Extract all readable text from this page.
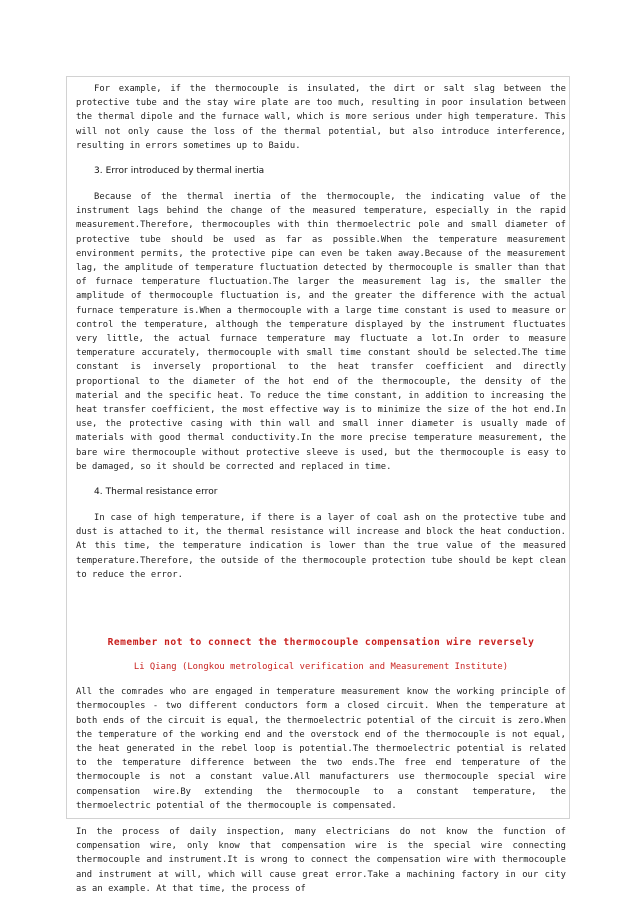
For example, if the thermocouple is insulated, the dirt or salt slag between the protective tube and the stay wire plate are too much, resulting in poor insulation between the thermal dipole and the furnace wall, which is more serious under high temperature. This will not only cause the loss of the thermal potential, but also introduce interference, resulting in errors sometimes up to Baidu.

3. Error introduced by thermal inertia

Because of the thermal inertia of the thermocouple, the indicating value of the instrument lags behind the change of the measured temperature, especially in the rapid measurement.Therefore, thermocouples with thin thermoelectric pole and small diameter of protective tube should be used as far as possible.When the temperature measurement environment permits, the protective pipe can even be taken away.Because of the measurement lag, the amplitude of temperature fluctuation detected by thermocouple is smaller than that of furnace temperature fluctuation.The larger the measurement lag is, the smaller the amplitude of thermocouple fluctuation is, and the greater the difference with the actual furnace temperature is.When a thermocouple with a large time constant is used to measure or control the temperature, although the temperature displayed by the instrument fluctuates very little, the actual furnace temperature may fluctuate a lot.In order to measure temperature accurately, thermocouple with small time constant should be selected.The time constant is inversely proportional to the heat transfer coefficient and directly proportional to the diameter of the hot end of the thermocouple, the density of the material and the specific heat. To reduce the time constant, in addition to increasing the heat transfer coefficient, the most effective way is to minimize the size of the hot end.In use, the protective casing with thin wall and small inner diameter is usually made of materials with good thermal conductivity.In the more precise temperature measurement, the bare wire thermocouple without protective sleeve is used, but the thermocouple is easy to be damaged, so it should be corrected and replaced in time.

4. Thermal resistance error

In case of high temperature, if there is a layer of coal ash on the protective tube and dust is attached to it, the thermal resistance will increase and block the heat conduction. At this time, the temperature indication is lower than the true value of the measured temperature.Therefore, the outside of the thermocouple protection tube should be kept clean to reduce the error.

Remember not to connect the thermocouple compensation wire reversely

Li Qiang (Longkou metrological verification and Measurement Institute)

All the comrades who are engaged in temperature measurement know the working principle of thermocouples - two different conductors form a closed circuit. When the temperature at both ends of the circuit is equal, the thermoelectric potential of the circuit is zero.When the temperature of the working end and the overstock end of the thermocouple is not equal, the heat generated in the rebel loop is potential.The thermoelectric potential is related to the temperature difference between the two ends.The free end temperature of the thermocouple is not a constant value.All manufacturers use thermocouple special wire compensation wire.By extending the thermocouple to a constant temperature, the thermoelectric potential of the thermocouple is compensated.

In the process of daily inspection, many electricians do not know the function of compensation wire, only know that compensation wire is the special wire connecting thermocouple and instrument.It is wrong to connect the compensation wire with thermocouple and instrument at will, which will cause great error.Take a machining factory in our city as an example. At that time, the process of
